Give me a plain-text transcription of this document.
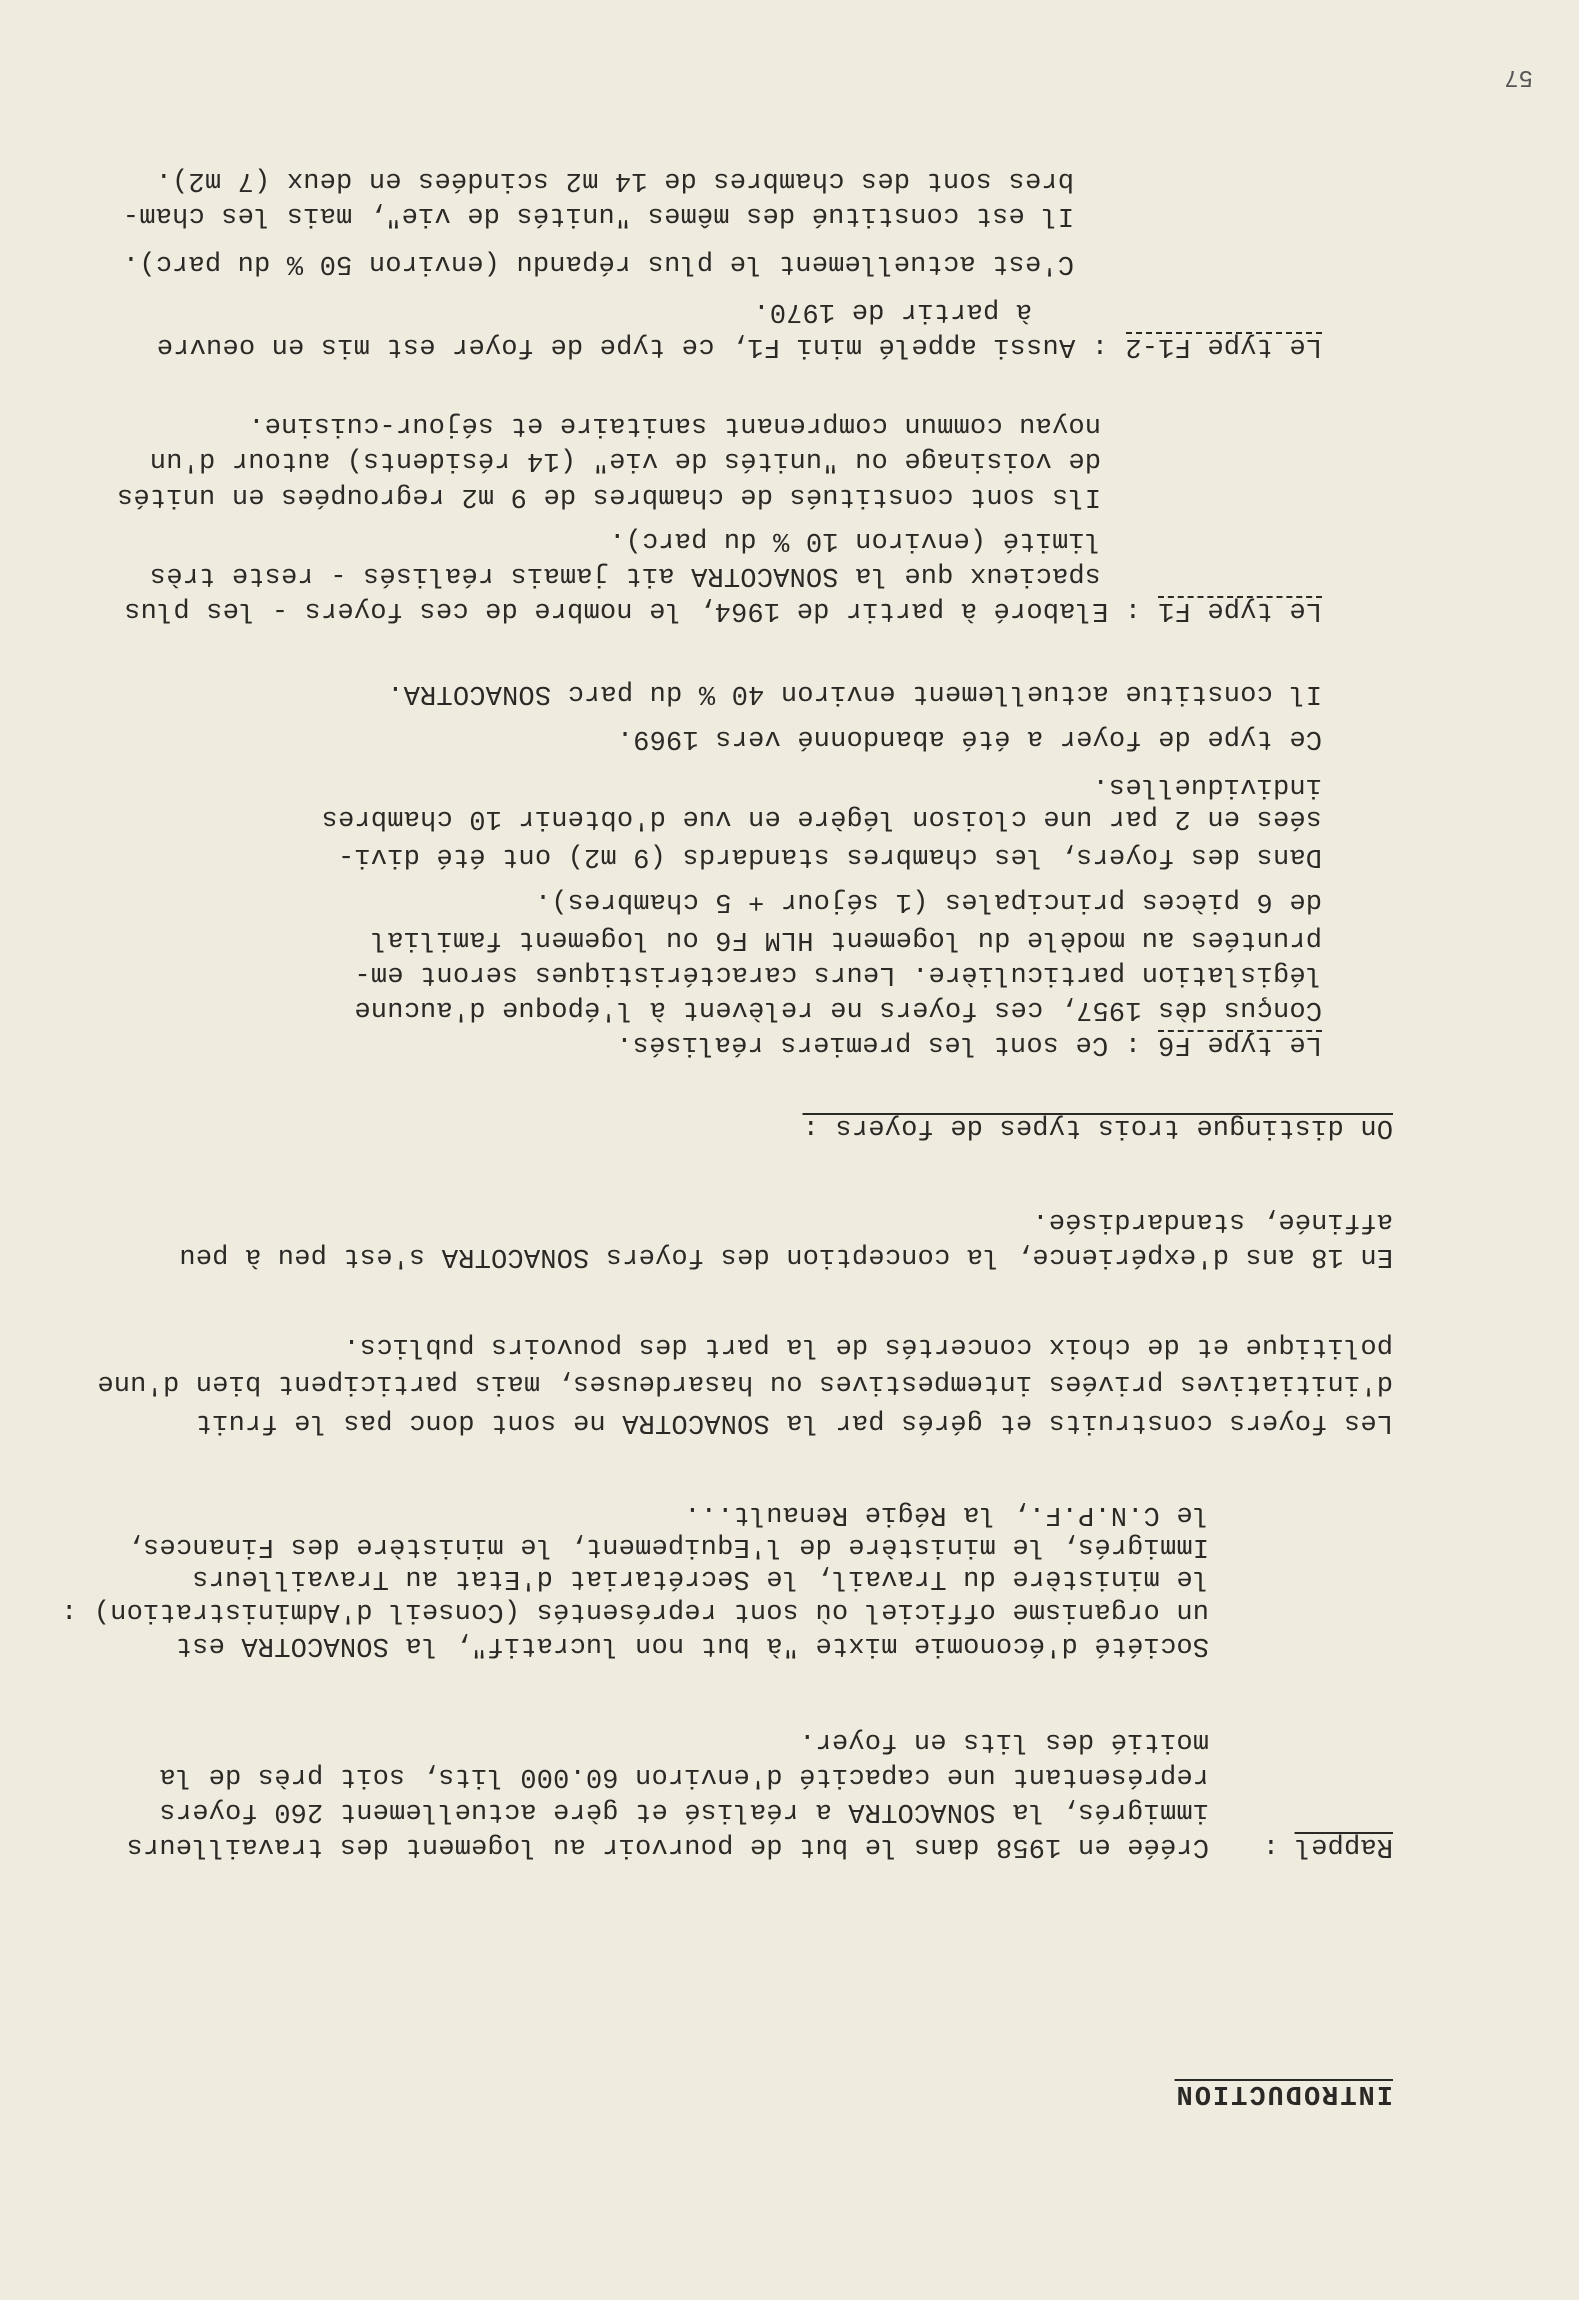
INTRODUCTION
Rappel
:
Créée en 1958 dans le but de pourvoir au logement des travailleurs
immigrés, la SONACOTRA a réalisé et gère actuellement 260 foyers
représentant une capacité d'environ 60.000 lits, soit près de la
moitié des lits en foyer.
Société d'économie mixte "à but non lucratif", la SONACOTRA est
un organisme officiel où sont représentés (Conseil d'Administration) :
le ministère du Travail, le Secrétariat d'Etat au Travailleurs
Immigrés, le ministère de l'Equipement, le ministère des Finances,
le C.N.P.F., la Régie Renault...
Les foyers construits et gérés par la SONACOTRA ne sont donc pas le fruit
d'initiatives privées intempestives ou hasardeuses, mais participent bien d'une
politique et de choix concertés de la part des pouvoirs publics.
En 18 ans d'expérience, la conception des foyers SONACOTRA s'est peu à peu
affinée, standardisée.
On distingue trois types de foyers :
Le type F6
: Ce sont les premiers réalisés.
Conçus dès 1957, ces foyers ne relèvent à l'époque d'aucune
législation particulière. Leurs caractéristiques seront em-
pruntées au modèle du logement HLM F6 ou logement familial
de 6 pièces principales (1 séjour + 5 chambres).
Dans des foyers, les chambres standards (9 m2) ont été divi-
sées en 2 par une cloison légère en vue d'obtenir 10 chambres
individuelles.
Ce type de foyer a été abandonné vers 1969.
Il constitue actuellement environ 40 % du parc SONACOTRA.
Le type F1
: Elaboré à partir de 1964, le nombre de ces foyers - les plus
spacieux que la SONACOTRA ait jamais réalisés - reste très
limité (environ 10 % du parc).
Ils sont constitués de chambres de 9 m2 regroupées en unités
de voisinage ou "unités de vie" (14 résidents) autour d'un
noyau commun comprenant sanitaire et séjour-cuisine.
Le type F1-2
: Aussi appelé mini F1, ce type de foyer est mis en oeuvre
à partir de 1970.
C'est actuellement le plus répandu (environ 50 % du parc).
Il est constitué des mêmes "unités de vie", mais les cham-
bres sont des chambres de 14 m2 scindées en deux (7 m2).
57
